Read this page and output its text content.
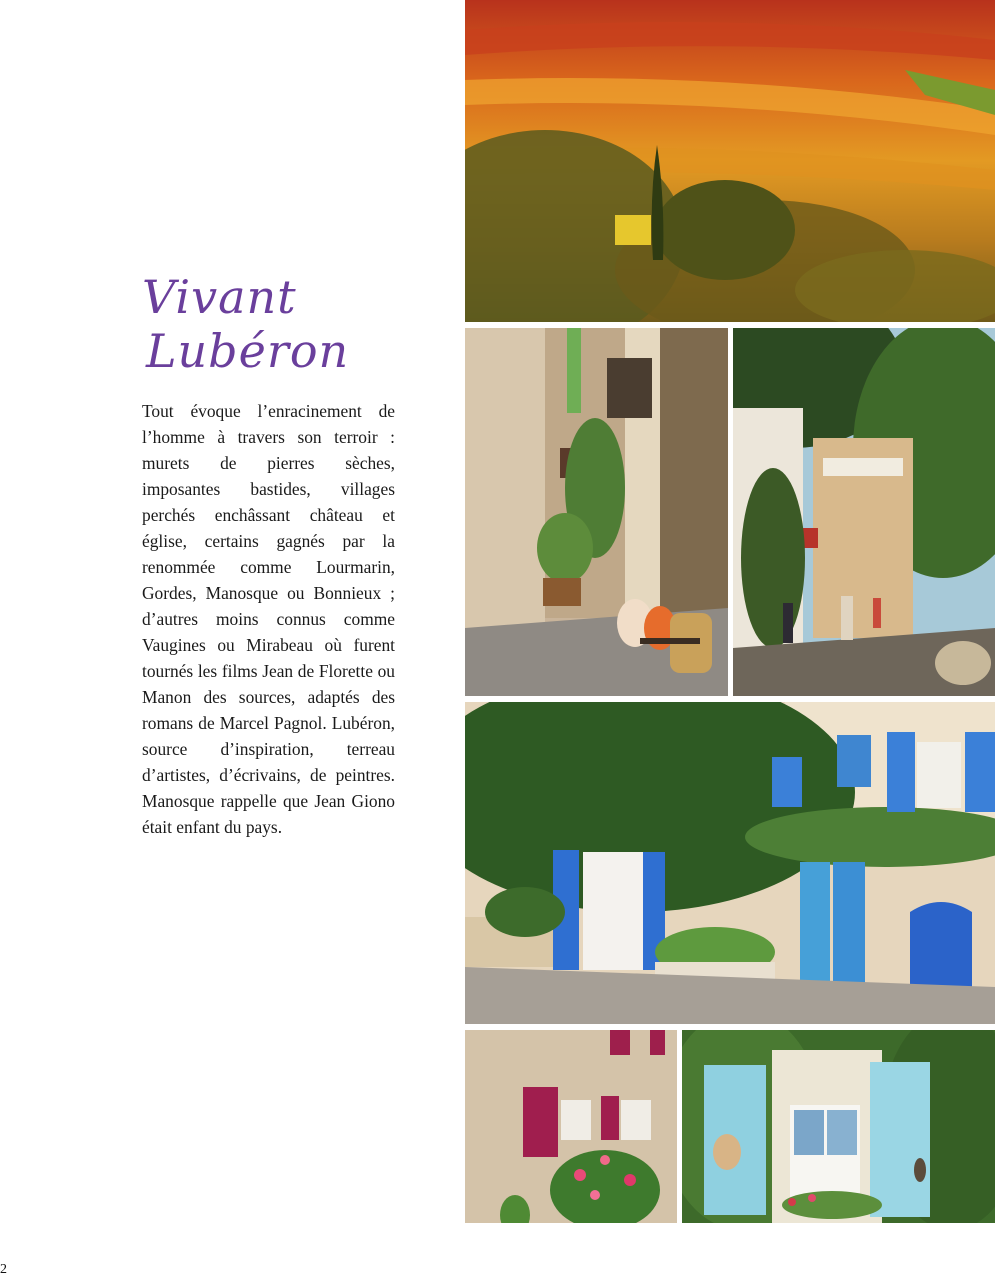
Vivant
Lubéron

Tout évoque l’enracinement de l’homme à travers son terroir : murets de pierres sèches, imposantes bastides, villages perchés enchâssant château et église, certains gagnés par la renommée comme Lourmarin, Gordes, Manosque ou Bonnieux ; d’autres moins connus comme Vaugines ou Mirabeau où furent tournés les films Jean de Florette ou Manon des sources, adaptés des romans de Marcel Pagnol. Lubéron, source d’inspiration, terreau d’artistes, d’écrivains, de peintres. Manosque rappelle que Jean Giono était enfant du pays.

2
